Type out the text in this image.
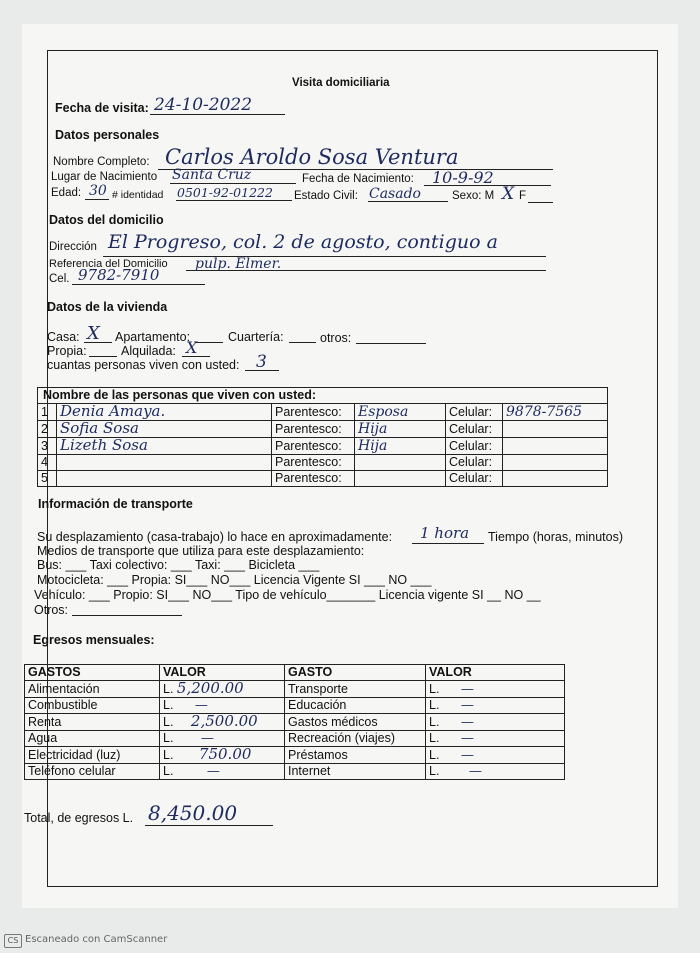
Visita domiciliaria
Fecha de visita: 24-10-2022
Datos personales
Nombre Completo: Carlos Aroldo Sosa Ventura
Lugar de Nacimiento Santa Cruz	Fecha de Nacimiento: 10-9-92
Edad: 30 # identidad 0501-92-01222 Estado Civil: Casado	Sexo: M X F
Datos del domicilio
Dirección El Progreso, col. 2 de agosto, contiguo a
Referencia del Domicilio pulp. Elmer.
Cel. 9782-7910
Datos de la vivienda
Casa: X Apartamento:	Cuartería:	otros:
Propia:	Alquilada: X
cuantas personas viven con usted: 3
Nombre de las personas que viven con usted:					
1	Denia Amaya.	Parentesco:	Esposa	Celular:	9878-7565
2	Sofia Sosa	Parentesco:	Hija	Celular:	
3	Lizeth Sosa	Parentesco:	Hija	Celular:	
4		Parentesco:		Celular:	
5		Parentesco:		Celular:	
Información de transporte
Su desplazamiento (casa-trabajo) lo hace en aproximadamente: 1 hora Tiempo (horas, minutos)
Medios de transporte que utiliza para este desplazamiento:
Bus: ___ Taxi colectivo: ___ Taxi: ___ Bicicleta ___
Motocicleta: ___ Propia: SI___ NO___ Licencia Vigente SI ___ NO ___
Vehículo: ___ Propio: SI___ NO___ Tipo de vehículo_______ Licencia vigente SI __ NO __
Otros:
Egresos mensuales:
GASTOS	VALOR	GASTO	VALOR
Alimentación	L. 5,200.00	Transporte	L. —
Combustible	L. —	Educación	L. —
Renta	L. 2,500.00	Gastos médicos	L. —
Agua	L. —	Recreación (viajes)	L. —
Electricidad (luz)	L. 750.00	Préstamos	L. —
Teléfono celular	L. —	Internet	L. —
Total, de egresos L. 8,450.00
CS Escaneado con CamScanner
